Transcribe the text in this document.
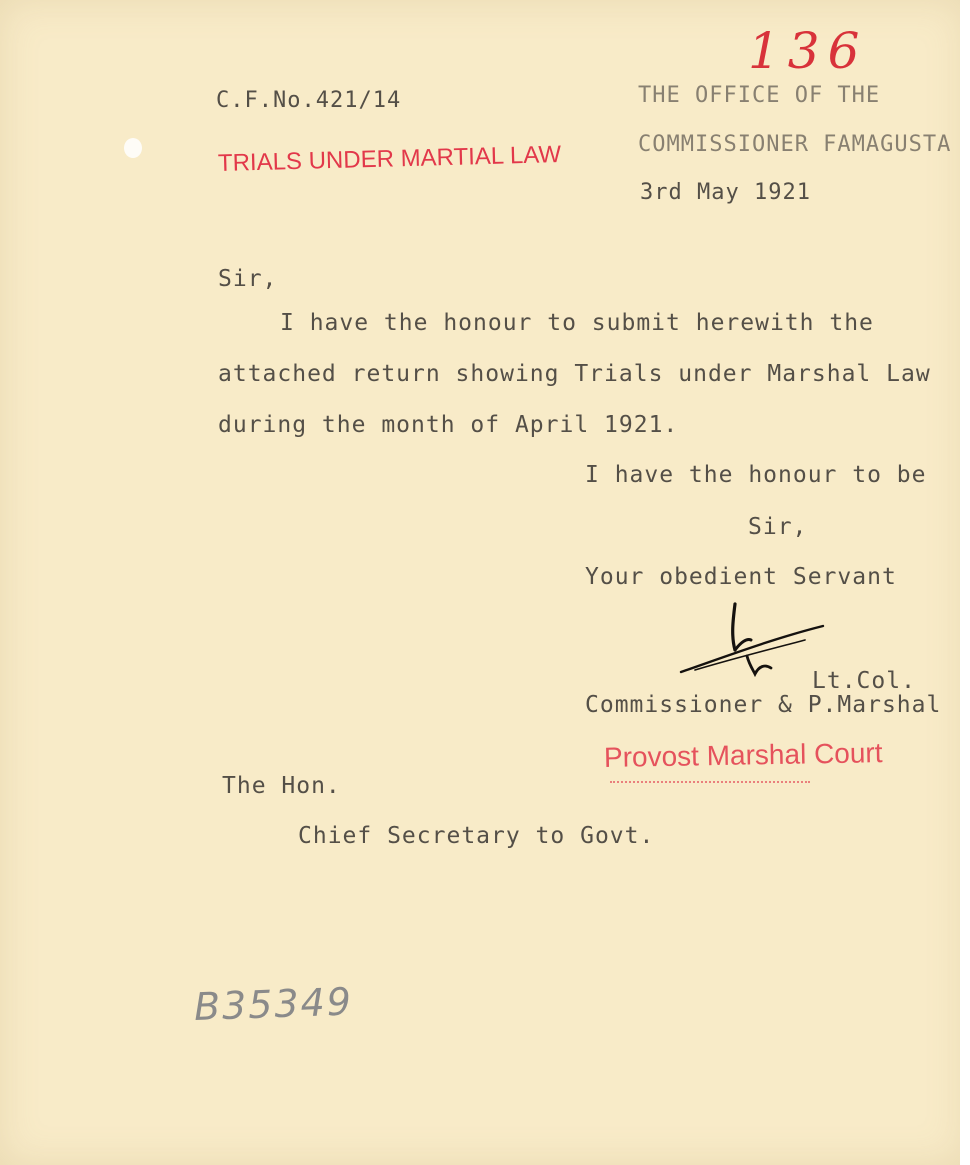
136
C.F.No.421/14
TRIALS UNDER MARTIAL LAW
THE OFFICE OF THE
COMMISSIONER FAMAGUSTA
3rd May 1921
Sir,
I have the honour to submit herewith the
attached return showing Trials under Marshal Law
during the month of April 1921.
I have the honour to be
Sir,
Your obedient Servant
Lt.Col.
Commissioner & P.Marshal
Provost Marshal Court
The Hon.
Chief Secretary to Govt.
B35349
